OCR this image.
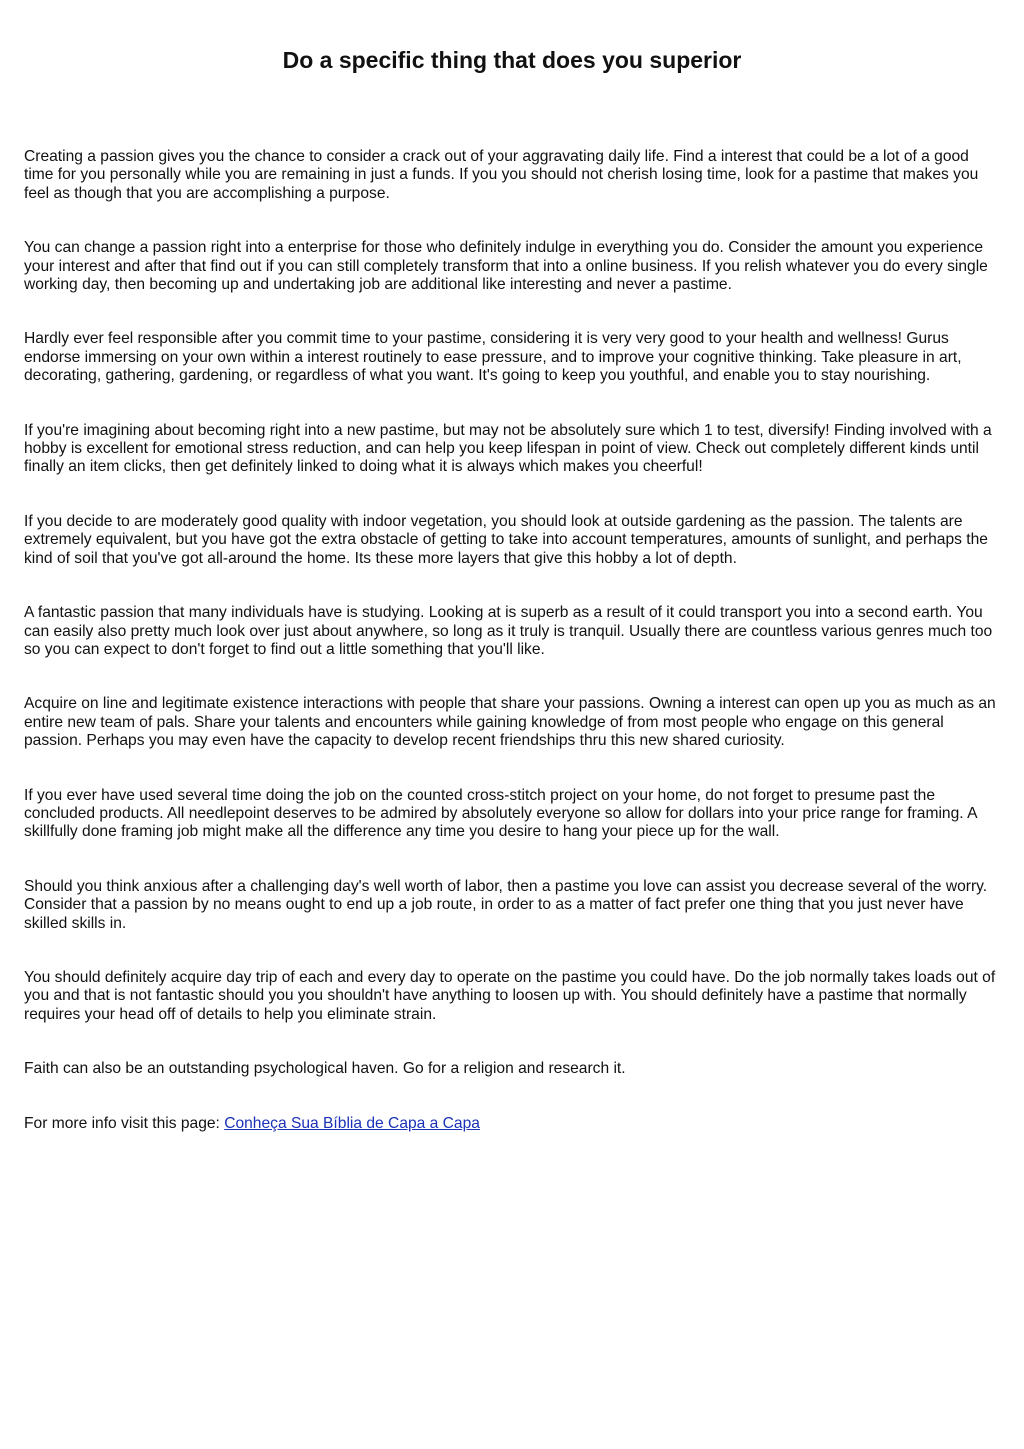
Do a specific thing that does you superior

Creating a passion gives you the chance to consider a crack out of your aggravating daily life. Find a interest that could be a lot of a good time for you personally while you are remaining in just a funds. If you you should not cherish losing time, look for a pastime that makes you feel as though that you are accomplishing a purpose.

You can change a passion right into a enterprise for those who definitely indulge in everything you do. Consider the amount you experience your interest and after that find out if you can still completely transform that into a online business. If you relish whatever you do every single working day, then becoming up and undertaking job are additional like interesting and never a pastime.

Hardly ever feel responsible after you commit time to your pastime, considering it is very very good to your health and wellness! Gurus endorse immersing on your own within a interest routinely to ease pressure, and to improve your cognitive thinking. Take pleasure in art, decorating, gathering, gardening, or regardless of what you want. It's going to keep you youthful, and enable you to stay nourishing.

If you're imagining about becoming right into a new pastime, but may not be absolutely sure which 1 to test, diversify! Finding involved with a hobby is excellent for emotional stress reduction, and can help you keep lifespan in point of view. Check out completely different kinds until finally an item clicks, then get definitely linked to doing what it is always which makes you cheerful!

If you decide to are moderately good quality with indoor vegetation, you should look at outside gardening as the passion. The talents are extremely equivalent, but you have got the extra obstacle of getting to take into account temperatures, amounts of sunlight, and perhaps the kind of soil that you've got all-around the home. Its these more layers that give this hobby a lot of depth.

A fantastic passion that many individuals have is studying. Looking at is superb as a result of it could transport you into a second earth. You can easily also pretty much look over just about anywhere, so long as it truly is tranquil. Usually there are countless various genres much too so you can expect to don't forget to find out a little something that you'll like.

Acquire on line and legitimate existence interactions with people that share your passions. Owning a interest can open up you as much as an entire new team of pals. Share your talents and encounters while gaining knowledge of from most people who engage on this general passion. Perhaps you may even have the capacity to develop recent friendships thru this new shared curiosity.

If you ever have used several time doing the job on the counted cross-stitch project on your home, do not forget to presume past the concluded products. All needlepoint deserves to be admired by absolutely everyone so allow for dollars into your price range for framing. A skillfully done framing job might make all the difference any time you desire to hang your piece up for the wall.

Should you think anxious after a challenging day's well worth of labor, then a pastime you love can assist you decrease several of the worry. Consider that a passion by no means ought to end up a job route, in order to as a matter of fact prefer one thing that you just never have skilled skills in.

You should definitely acquire day trip of each and every day to operate on the pastime you could have. Do the job normally takes loads out of you and that is not fantastic should you you shouldn't have anything to loosen up with. You should definitely have a pastime that normally requires your head off of details to help you eliminate strain.

Faith can also be an outstanding psychological haven. Go for a religion and research it.

For more info visit this page: Conheça Sua Bíblia de Capa a Capa
